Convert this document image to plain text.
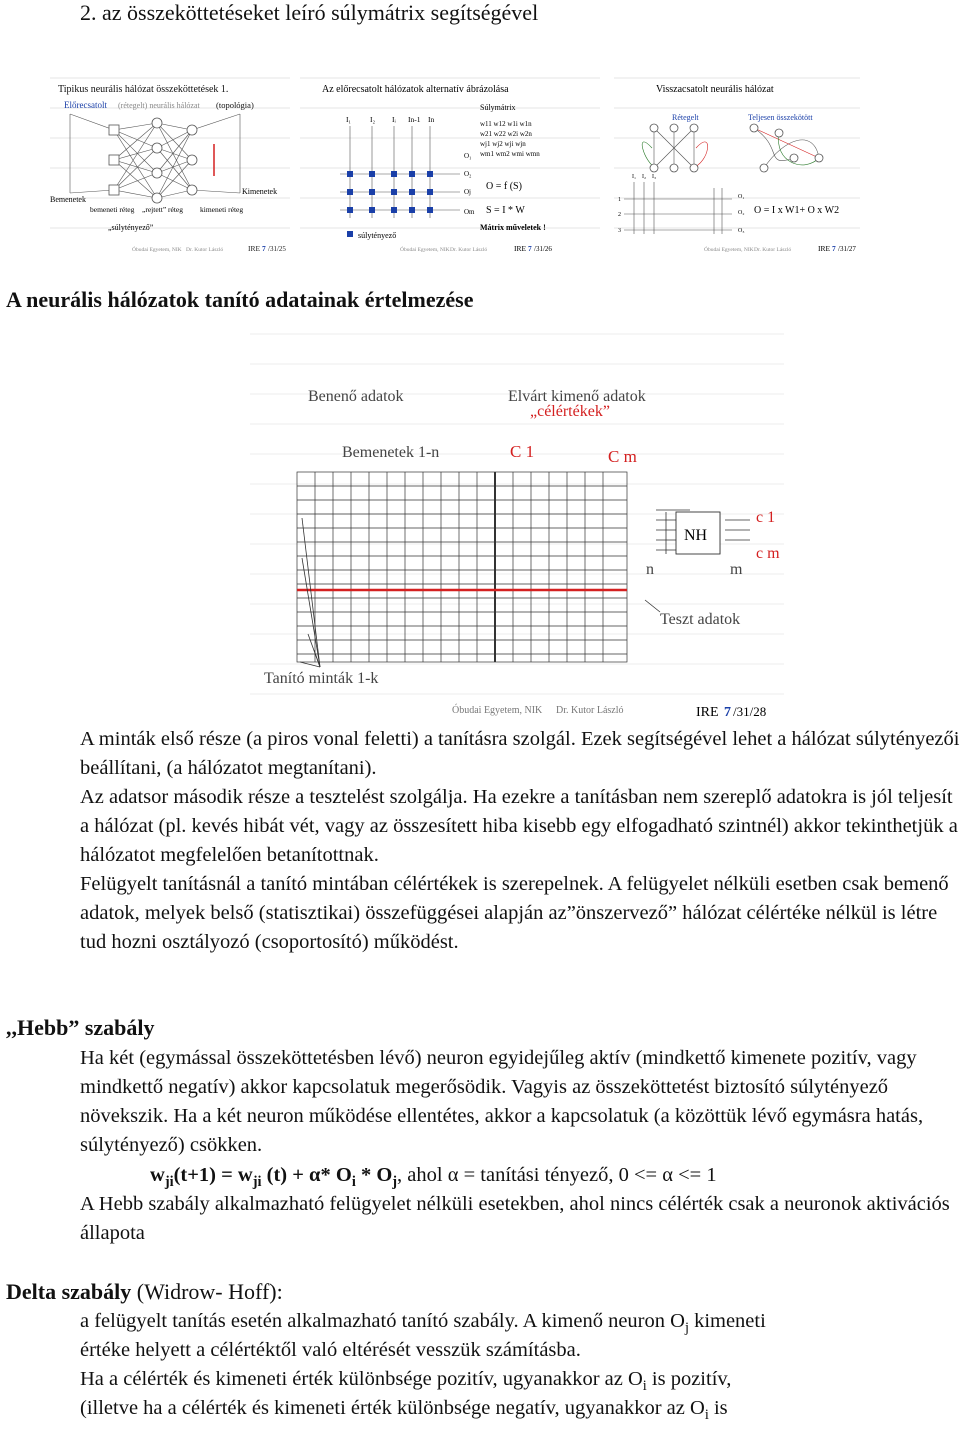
2. az összeköttetéseket leíró súlymátrix segítségével
Tipikus neurális hálózat összeköttetések 1.
Előrecsatolt (rétegelt) neurális hálózat (topológia)
Bemenetek
Kimenetek
bemeneti réteg „rejtett” réteg kimeneti réteg
„súlytényező”
Óbudai Egyetem, NIK Dr. Kutor László	IRE 7 /31/25
Az előrecsatolt hálózatok alternatív ábrázolása
Súlymátrix
I₁	I₂ Iᵢ In-1 In	w11 w12 w1i w1n
w21 w22 w2i w2n
wj1 wj2 wji wjn
wm1 wm2 wmi wmn
O₁
O₂
Oj
Om
O = f (S)
S = I * W
Mátrix műveletek !
súlytényező
Óbudai Egyetem, NIK Dr. Kutor László	IRE 7 /31/26
Visszacsatolt neurális hálózat
Rétegelt	Teljesen összekötött
I₁ I₂ I₃
1
2
3
O₁
O₂
O₃
O = I x W1+ O x W2
Óbudai Egyetem, NIK Dr. Kutor László	IRE 7 /31/27
A neurális hálózatok tanító adatainak értelmezése
Benenő adatok	Elvárt kimenő adatok
„célértékek”
Bemenetek 1-n	C 1	C m
NH
n	m
c 1
c m
Teszt adatok
Tanító minták 1-k
Óbudai Egyetem, NIK Dr. Kutor László	IRE 7 /31/28
A minták első része (a piros vonal feletti) a tanításra szolgál. Ezek segítségével lehet a hálózat súlytényezői beállítani, (a hálózatot megtanítani).
Az adatsor második része a tesztelést szolgálja. Ha ezekre a tanításban nem szereplő adatokra is jól teljesít a hálózat (pl. kevés hibát vét, vagy az összesített hiba kisebb egy elfogadható szintnél) akkor tekinthetjük a hálózatot megfelelően betanítottnak.
Felügyelt tanításnál a tanító mintában célértékek is szerepelnek. A felügyelet nélküli esetben csak bemenő adatok, melyek belső (statisztikai) összefüggései alapján az”önszervező” hálózat célértéke nélkül is létre tud hozni osztályozó (csoportosító) működést.
,,Hebb” szabály
Ha két (egymással összeköttetésben lévő) neuron egyidejűleg aktív (mindkettő kimenete pozitív, vagy mindkettő negatív) akkor kapcsolatuk megerősödik. Vagyis az összeköttetést biztosító súlytényező növekszik. Ha a két neuron működése ellentétes, akkor a kapcsolatuk (a közöttük lévő egymásra hatás, súlytényező) csökken.
$w_{ji}(t+1) = w_{ji}$ (t) + α* $O_i * O_j$, ahol α = tanítási tényező, 0 <= α <= 1
A Hebb szabály alkalmazható felügyelet nélküli esetekben, ahol nincs célérték csak a neuronok aktivációs állapota
Delta szabály (Widrow- Hoff):
a felügyelt tanítás esetén alkalmazható tanító szabály. A kimenő neuron $O_j$ kimeneti
értéke helyett a célértéktől való eltérését vesszük számításba.
Ha a célérték és kimeneti érték különbsége pozitív, ugyanakkor az $O_i$ is pozitív,
(illetve ha a célérték és kimeneti érték különbsége negatív, ugyanakkor az $O_i$ is
